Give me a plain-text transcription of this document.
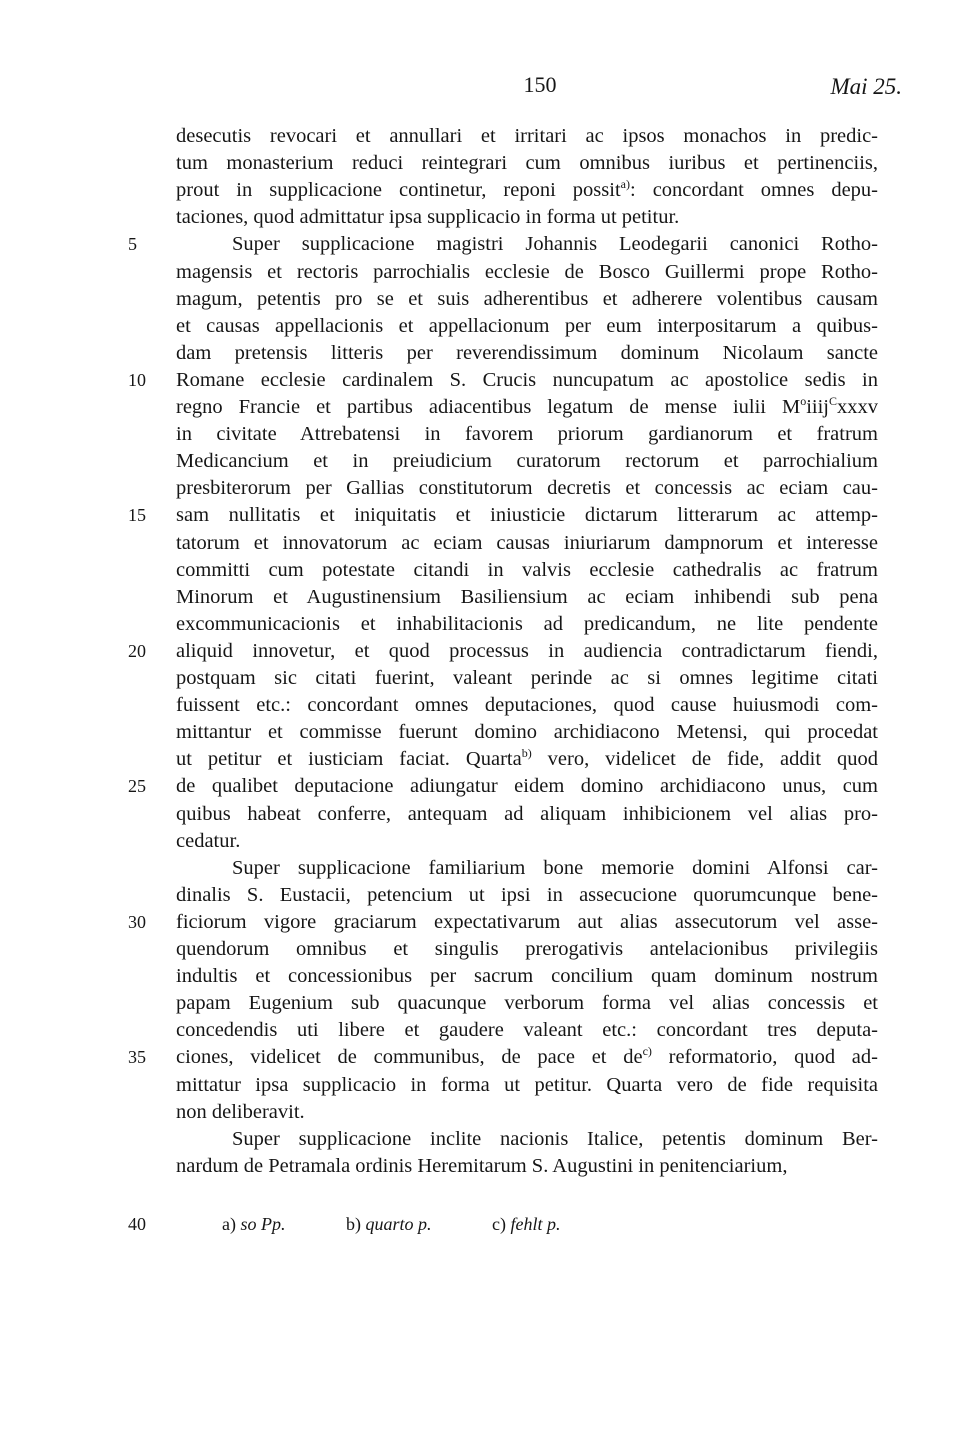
150	Mai 25.
desecutis revocari et annullari et irritari ac ipsos monachos in predic-
tum monasterium reduci reintegrari cum omnibus iuribus et pertinenciis,
prout in supplicacione continetur, reponi possit$^{a)}$: concordant omnes depu-
taciones, quod admittatur ipsa supplicacio in forma ut petitur.
Super supplicacione magistri Johannis Leodegarii canonici Rotho-
magensis et rectoris parrochialis ecclesie de Bosco Guillermi prope Rotho-
magum, petentis pro se et suis adherentibus et adherere volentibus causam
et causas appellacionis et appellacionum per eum interpositarum a quibus-
dam pretensis litteris per reverendissimum dominum Nicolaum sancte
Romane ecclesie cardinalem S. Crucis nuncupatum ac apostolice sedis in
regno Francie et partibus adiacentibus legatum de mense iulii $M^oiiij^Cxxxv$
in civitate Attrebatensi in favorem priorum gardianorum et fratrum
Medicancium et in preiudicium curatorum rectorum et parrochialium
presbiterorum per Gallias constitutorum decretis et concessis ac eciam cau-
sam nullitatis et iniquitatis et iniusticie dictarum litterarum ac attemp-
tatorum et innovatorum ac eciam causas iniuriarum dampnorum et interesse
committi cum potestate citandi in valvis ecclesie cathedralis ac fratrum
Minorum et Augustinensium Basiliensium ac eciam inhibendi sub pena
excommunicacionis et inhabilitacionis ad predicandum, ne lite pendente
aliquid innovetur, et quod processus in audiencia contradictarum fiendi,
postquam sic citati fuerint, valeant perinde ac si omnes legitime citati
fuissent etc.: concordant omnes deputaciones, quod cause huiusmodi com-
mittantur et commisse fuerunt domino archidiacono Metensi, qui procedat
ut petitur et iusticiam faciat. Quarta$^{b)}$ vero, videlicet de fide, addit quod
de qualibet deputacione adiungatur eidem domino archidiacono unus, cum
quibus habeat conferre, antequam ad aliquam inhibicionem vel alias pro-
cedatur.
Super supplicacione familiarium bone memorie domini Alfonsi car-
dinalis S. Eustacii, petencium ut ipsi in assecucione quorumcunque bene-
ficiorum vigore graciarum expectativarum aut alias assecutorum vel asse-
quendorum omnibus et singulis prerogativis antelacionibus privilegiis
indultis et concessionibus per sacrum concilium quam dominum nostrum
papam Eugenium sub quacunque verborum forma vel alias concessis et
concedendis uti libere et gaudere valeant etc.: concordant tres deputa-
ciones, videlicet de communibus, de pace et $de^{c)}$ reformatorio, quod ad-
mittatur ipsa supplicacio in forma ut petitur. Quarta vero de fide requisita
non deliberavit.
Super supplicacione inclite nacionis Italice, petentis dominum Ber-
nardum de Petramala ordinis Heremitarum S. Augustini in penitenciarium,
5
10
15
20
25
30
35
40	a) so Pp.	b) quarto p.	c) fehlt p.
